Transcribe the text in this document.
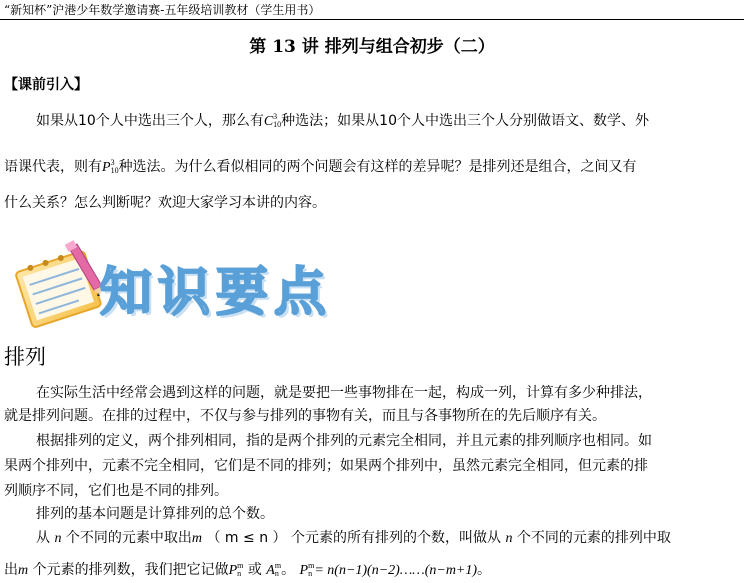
“新知杯”沪港少年数学邀请赛-五年级培训教材（学生用书）
第 13 讲 排列与组合初步（二）
【课前引入】
如果从10个人中选出三个人，那么有C 3
10 种选法；如果从10个人中选出三个人分别做语文、数学、外
语课代表，则有P 3
10 种选法。为什么看似相同的两个问题会有这样的差异呢？是排列还是组合，之间又有
什么关系？怎么判断呢？欢迎大家学习本讲的内容。
知识要点
排列
在实际生活中经常会遇到这样的问题，就是要把一些事物排在一起，构成一列，计算有多少种排法，
就是排列问题。在排的过程中，不仅与参与排列的事物有关，而且与各事物所在的先后顺序有关。
根据排列的定义，两个排列相同，指的是两个排列的元素完全相同，并且元素的排列顺序也相同。如
果两个排列中，元素不完全相同，它们是不同的排列；如果两个排列中，虽然元素完全相同，但元素的排
列顺序不同，它们也是不同的排列。
排列的基本问题是计算排列的总个数。
从 n 个不同的元素中取出m （ m ≤ n ） 个元素的所有排列的个数，叫做从 n 个不同的元素的排列中取
出m 个元素的排列数，我们把它记做P m
n 或 A m
n 。 P m
n = n(n−1)(n−2)……(n−m+1)。
